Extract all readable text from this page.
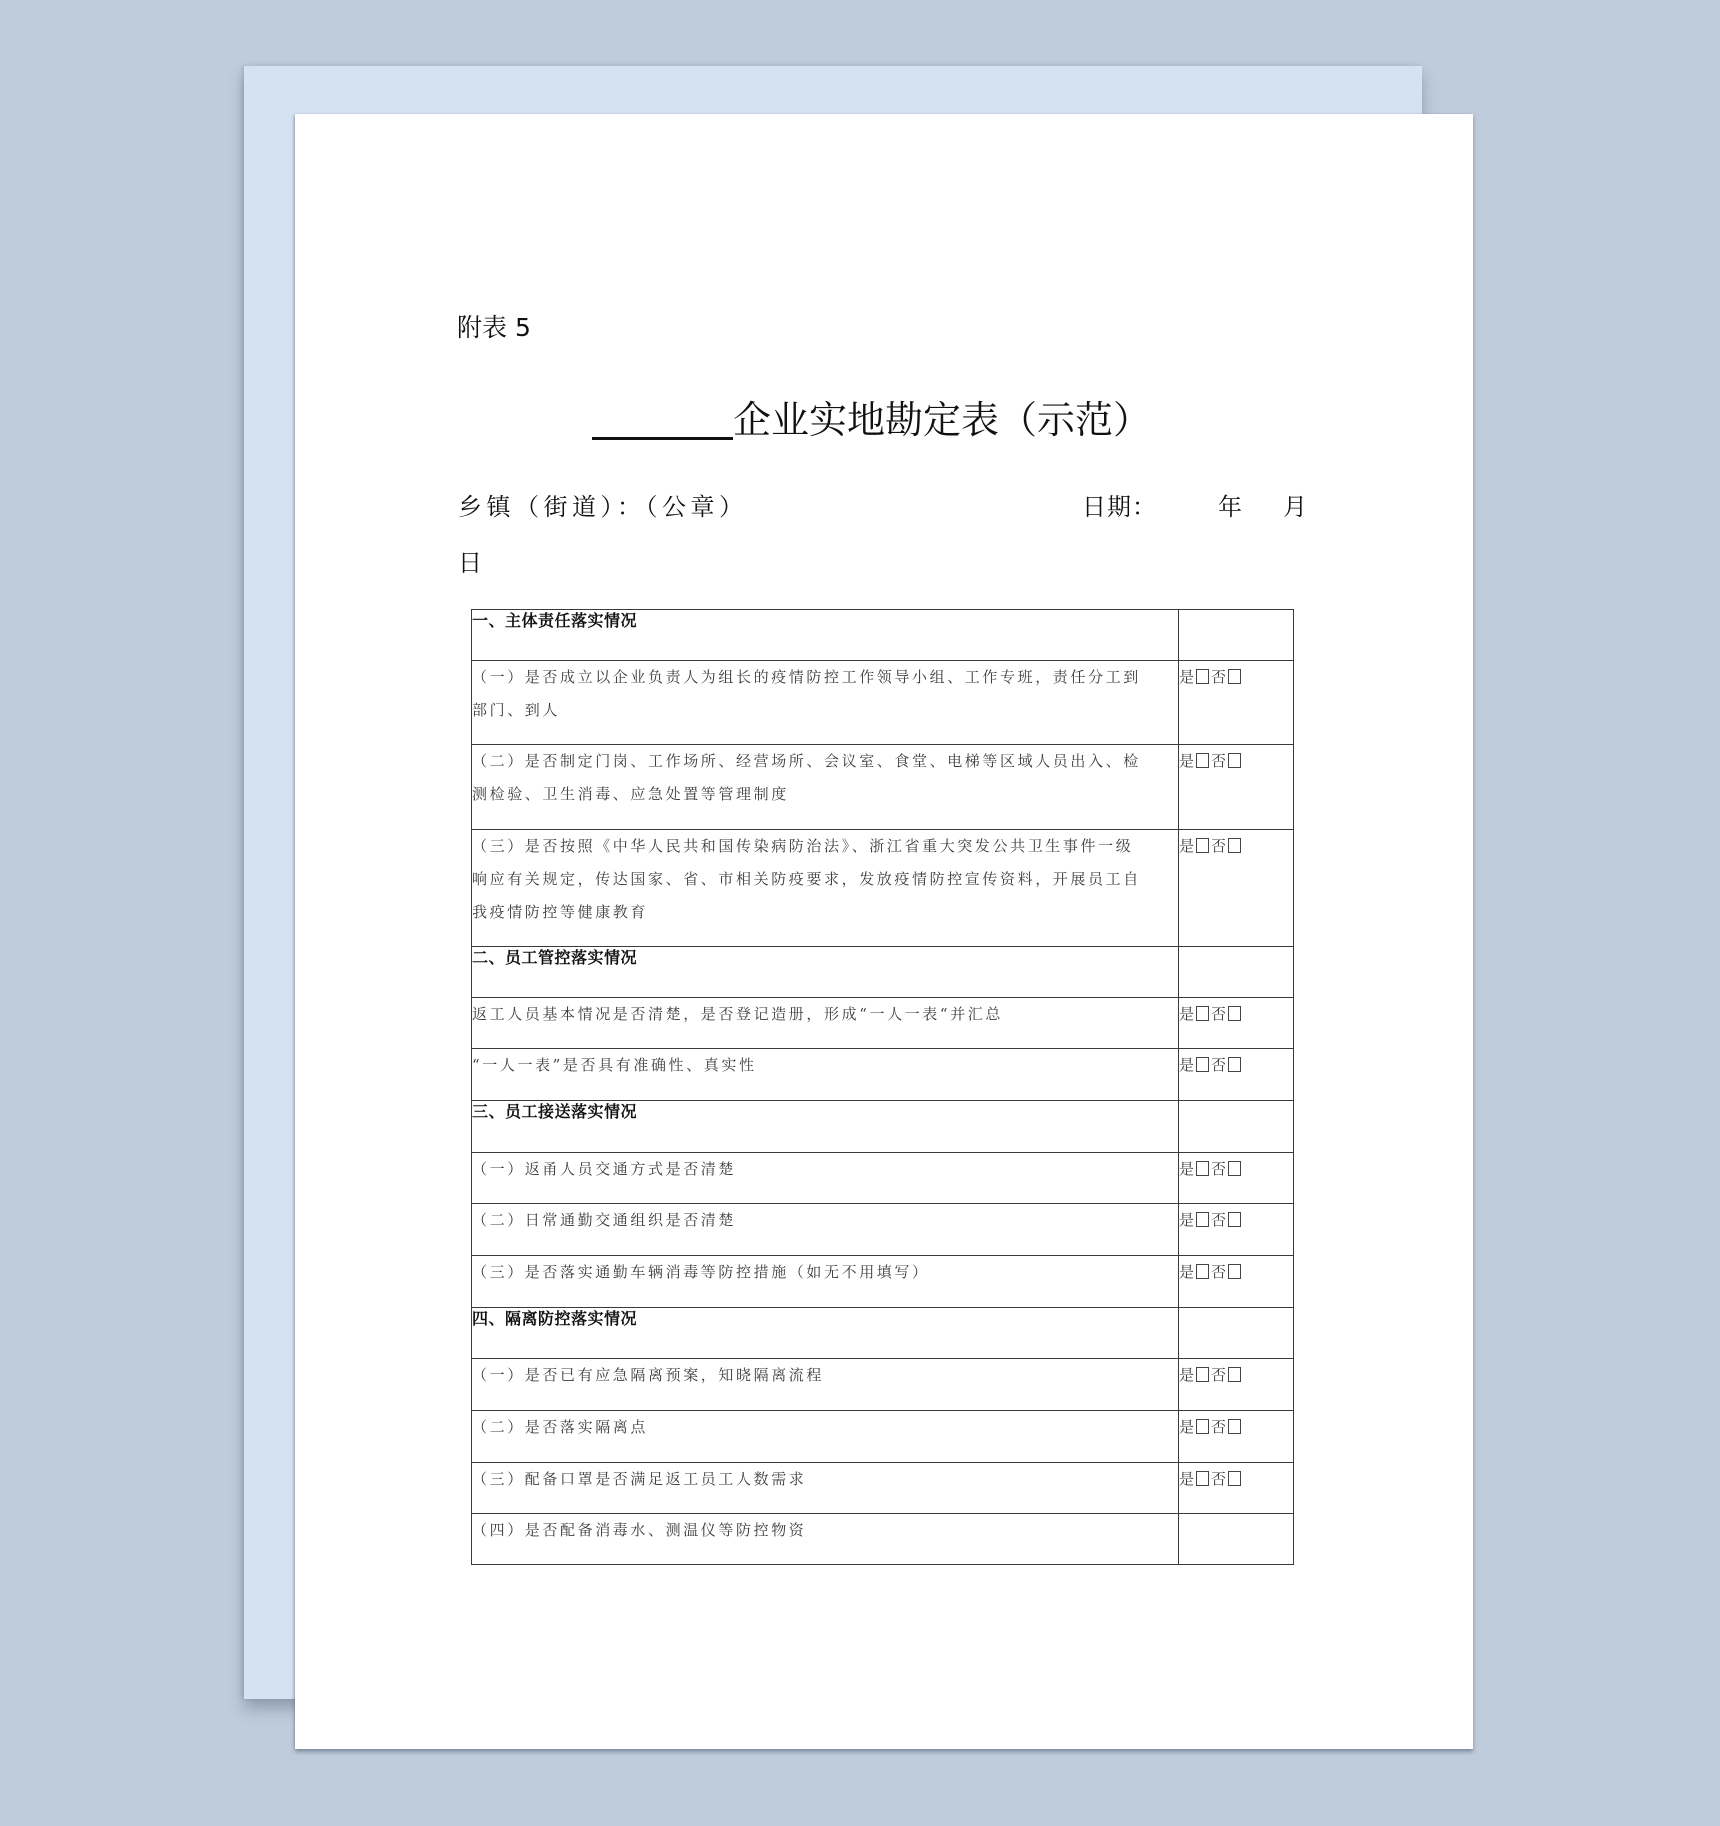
附表 5
企业实地勘定表（示范）
乡镇（街道）：（公章）	日期：	年 月
日
一、主体责任落实情况	

（一）是否成立以企业负责人为组长的疫情防控工作领导小组、工作专班，责任分工到
部门、到人	是 否

（二）是否制定门岗、工作场所、经营场所、会议室、食堂、电梯等区域人员出入、检
测检验、卫生消毒、应急处置等管理制度	是 否

（三）是否按照《中华人民共和国传染病防治法》、浙江省重大突发公共卫生事件一级
响应有关规定，传达国家、省、市相关防疫要求，发放疫情防控宣传资料，开展员工自
我疫情防控等健康教育	是 否
二、员工管控落实情况	

返工人员基本情况是否清楚，是否登记造册，形成“一人一表“并汇总	是 否

“一人一表”是否具有准确性、真实性	是 否
三、员工接送落实情况	

（一）返甬人员交通方式是否清楚	是 否

（二）日常通勤交通组织是否清楚	是 否

（三）是否落实通勤车辆消毒等防控措施（如无不用填写）	是 否
四、隔离防控落实情况	

（一）是否已有应急隔离预案，知晓隔离流程	是 否

（二）是否落实隔离点	是 否

（三）配备口罩是否满足返工员工人数需求	是 否

（四）是否配备消毒水、测温仪等防控物资	
